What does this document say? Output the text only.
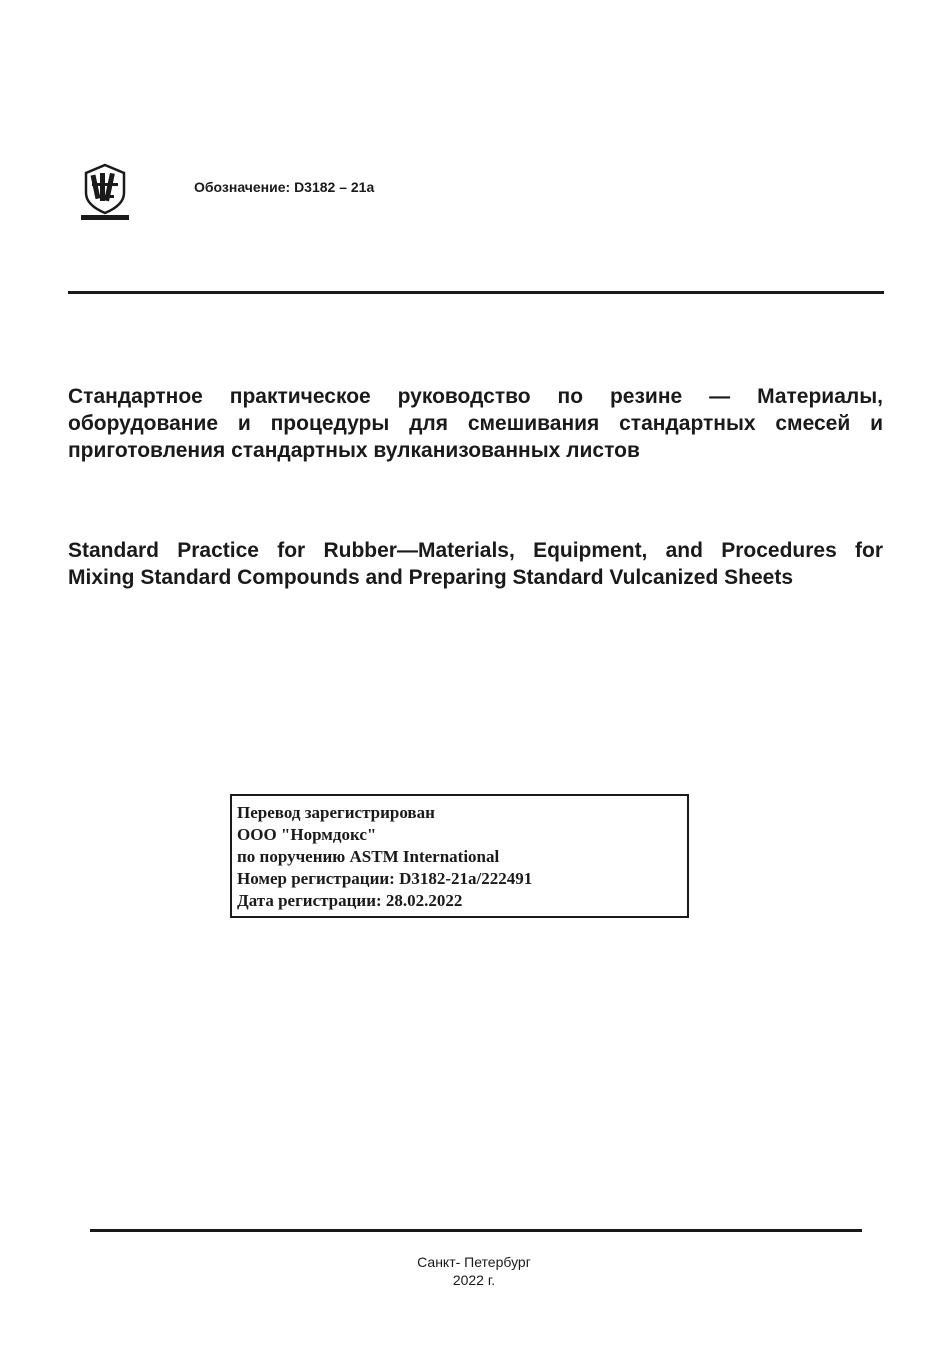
Обозначение: D3182 – 21a
Стандартное практическое руководство по резине — Материалы,
оборудование и процедуры для смешивания стандартных смесей и
приготовления стандартных вулканизованных листов
Standard Practice for Rubber—Materials, Equipment, and Procedures for
Mixing Standard Compounds and Preparing Standard Vulcanized Sheets
Перевод зарегистрирован
ООО "Нормдокс"
по поручению ASTM International
Номер регистрации: D3182-21a/222491
Дата регистрации: 28.02.2022
Санкт- Петербург
2022 г.
